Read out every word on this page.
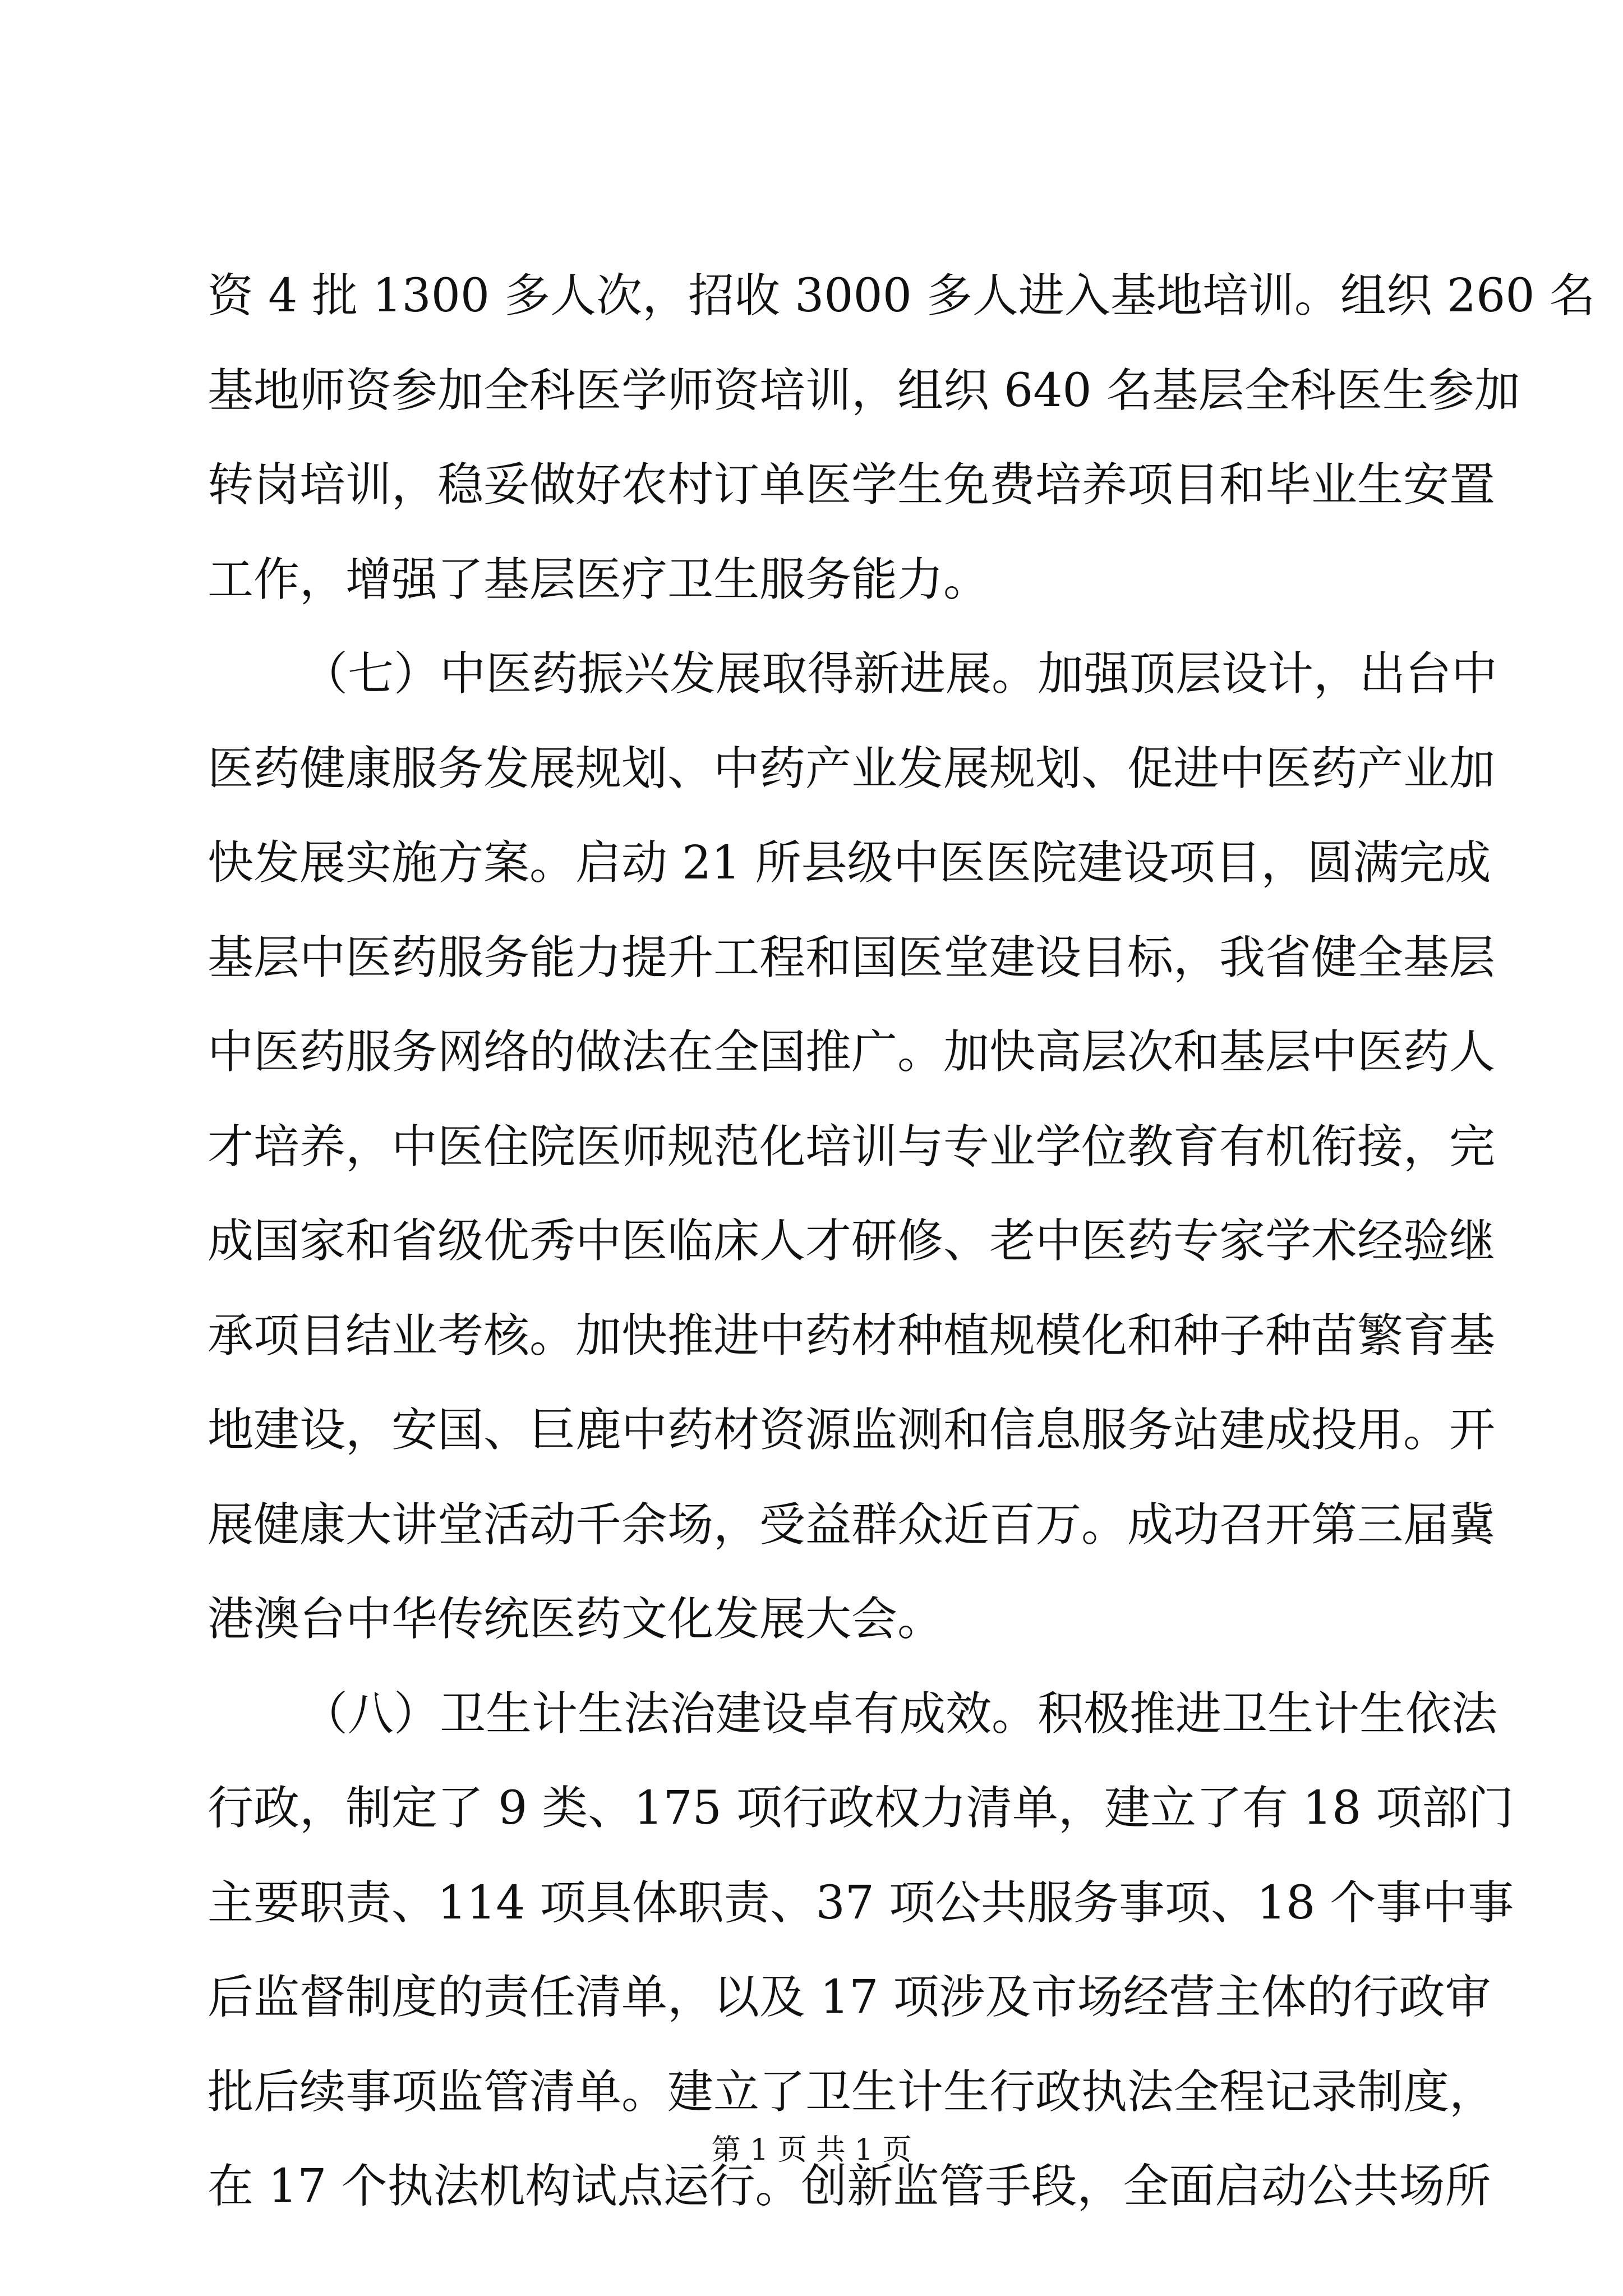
资 4 批 1300 多人次，招收 3000 多人进入基地培训。组织 260 名
基地师资参加全科医学师资培训，组织 640 名基层全科医生参加
转岗培训，稳妥做好农村订单医学生免费培养项目和毕业生安置
工作，增强了基层医疗卫生服务能力。
（七）中医药振兴发展取得新进展。加强顶层设计，出台中
医药健康服务发展规划、中药产业发展规划、促进中医药产业加
快发展实施方案。启动 21 所县级中医医院建设项目，圆满完成
基层中医药服务能力提升工程和国医堂建设目标，我省健全基层
中医药服务网络的做法在全国推广。加快高层次和基层中医药人
才培养，中医住院医师规范化培训与专业学位教育有机衔接，完
成国家和省级优秀中医临床人才研修、老中医药专家学术经验继
承项目结业考核。加快推进中药材种植规模化和种子种苗繁育基
地建设，安国、巨鹿中药材资源监测和信息服务站建成投用。开
展健康大讲堂活动千余场，受益群众近百万。成功召开第三届冀
港澳台中华传统医药文化发展大会。
（八）卫生计生法治建设卓有成效。积极推进卫生计生依法
行政，制定了 9 类、175 项行政权力清单，建立了有 18 项部门
主要职责、114 项具体职责、37 项公共服务事项、18 个事中事
后监督制度的责任清单，以及 17 项涉及市场经营主体的行政审
批后续事项监管清单。建立了卫生计生行政执法全程记录制度，
在 17 个执法机构试点运行。创新监管手段，全面启动公共场所
第 1 页 共 1 页
